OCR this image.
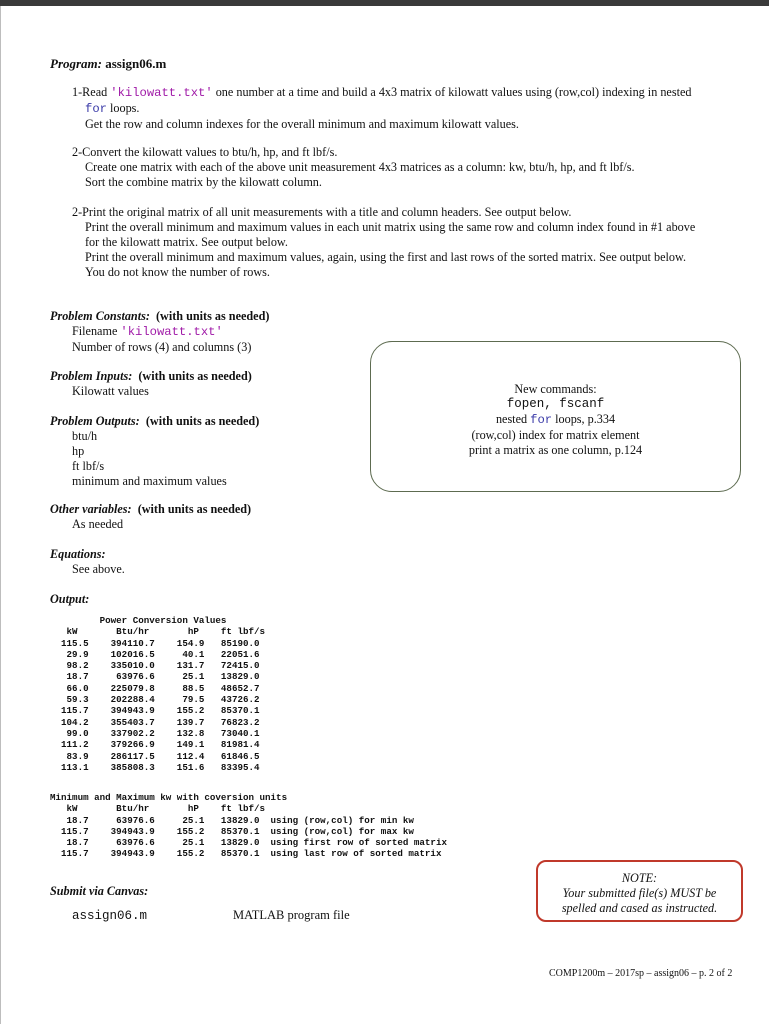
Program: assign06.m

1-Read 'kilowatt.txt' one number at a time and build a 4x3 matrix of kilowatt values using (row,col) indexing in nested

for loops.

Get the row and column indexes for the overall minimum and maximum kilowatt values.

2-Convert the kilowatt values to btu/h, hp, and ft lbf/s.

Create one matrix with each of the above unit measurement 4x3 matrices as a column: kw, btu/h, hp, and ft lbf/s.

Sort the combine matrix by the kilowatt column.

2-Print the original matrix of all unit measurements with a title and column headers. See output below.

Print the overall minimum and maximum values in each unit matrix using the same row and column index found in #1 above

for the kilowatt matrix. See output below.

Print the overall minimum and maximum values, again, using the first and last rows of the sorted matrix. See output below.

You do not know the number of rows.

Problem Constants: (with units as needed)

Filename 'kilowatt.txt'

Number of rows (4) and columns (3)

Problem Inputs: (with units as needed)

Kilowatt values

Problem Outputs: (with units as needed)

btu/h

hp

ft lbf/s

minimum and maximum values

Other variables: (with units as needed)

As needed

Equations:

See above.

Output:

New commands:

fopen, fscanf

nested for loops, p.334

(row,col) index for matrix element

print a matrix as one column, p.124

Power Conversion Values
kW       Btu/hr       hP    ft lbf/s
115.5    394110.7    154.9   85190.0
29.9    102016.5     40.1   22051.6
98.2    335010.0    131.7   72415.0
18.7     63976.6     25.1   13829.0
66.0    225079.8     88.5   48652.7
59.3    202288.4     79.5   43726.2
115.7    394943.9    155.2   85370.1
104.2    355403.7    139.7   76823.2
99.0    337902.2    132.8   73040.1
111.2    379266.9    149.1   81981.4
83.9    286117.5    112.4   61846.5
113.1    385808.3    151.6   83395.4
Minimum and Maximum kw with coversion units
kW       Btu/hr       hP    ft lbf/s
18.7     63976.6     25.1   13829.0  using (row,col) for min kw
115.7    394943.9    155.2   85370.1  using (row,col) for max kw
18.7     63976.6     25.1   13829.0  using first row of sorted matrix
115.7    394943.9    155.2   85370.1  using last row of sorted matrix

Submit via Canvas:

assign06.m	MATLAB program file

NOTE:

Your submitted file(s) MUST be

spelled and cased as instructed.

COMP1200m – 2017sp – assign06 – p. 2 of 2
